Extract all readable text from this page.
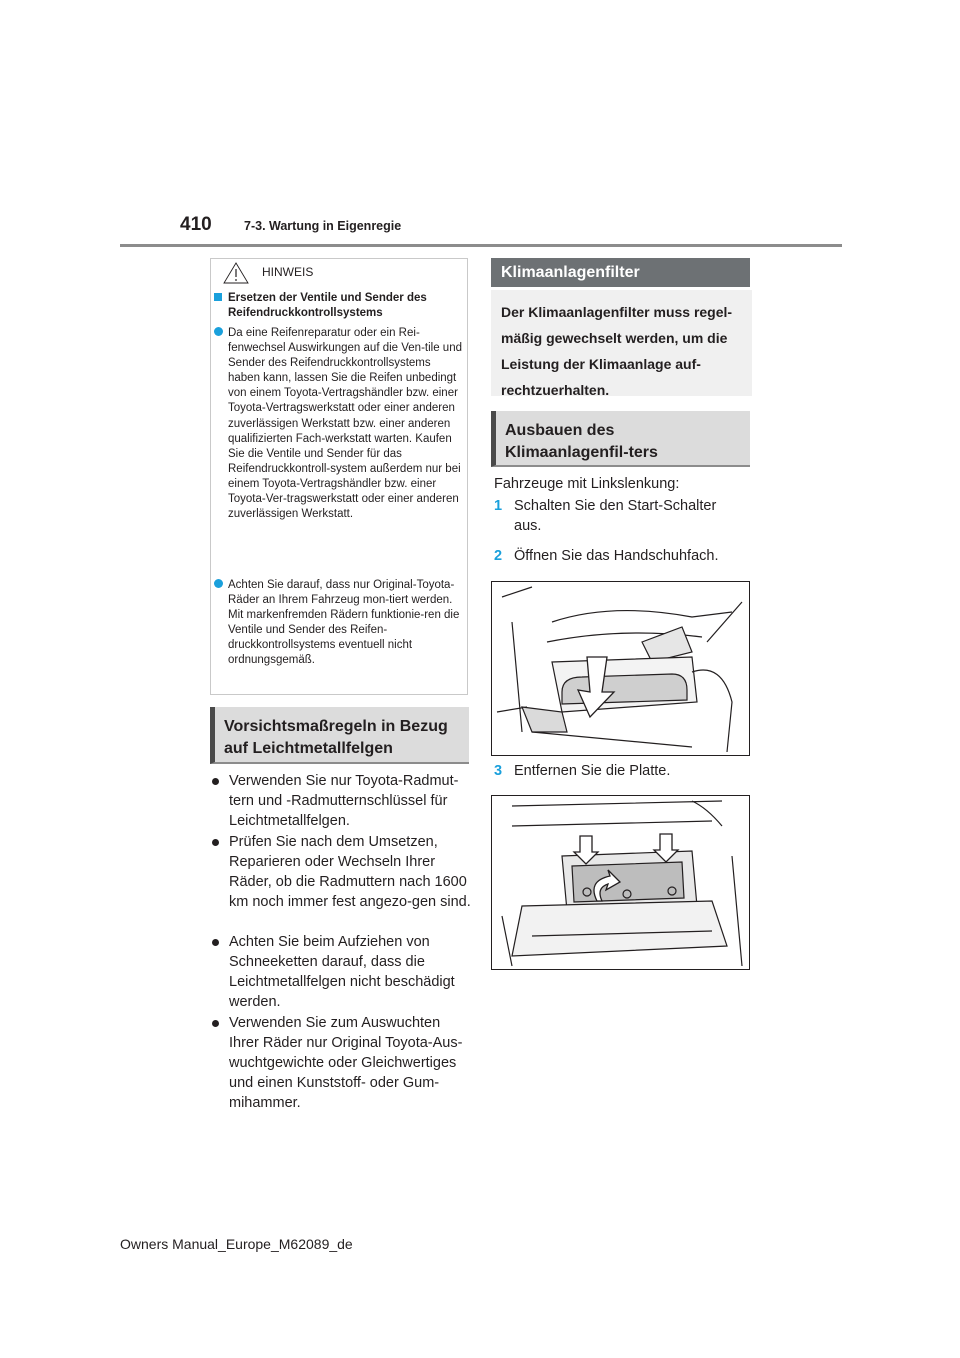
410	7-3. Wartung in Eigenregie
HINWEIS
Ersetzen der Ventile und Sender des Reifendruckkontrollsystems
Da eine Reifenreparatur oder ein Rei-fenwechsel Auswirkungen auf die Ven-tile und Sender des Reifendruckkontrollsystems haben kann, lassen Sie die Reifen unbedingt von einem Toyota-Vertragshändler bzw. einer Toyota-Vertragswerkstatt oder einer anderen zuverlässigen Werkstatt bzw. einer anderen qualifizierten Fach-werkstatt warten. Kaufen Sie die Ventile und Sender für das Reifendruckkontroll-system außerdem nur bei einem Toyota-Vertragshändler bzw. einer Toyota-Ver-tragswerkstatt oder einer anderen zuverlässigen Werkstatt.
Achten Sie darauf, dass nur Original-Toyota-Räder an Ihrem Fahrzeug mon-tiert werden. Mit markenfremden Rädern funktionie-ren die Ventile und Sender des Reifen-druckkontrollsystems eventuell nicht ordnungsgemäß.
Vorsichtsmaßregeln in Bezug auf Leichtmetallfelgen
Verwenden Sie nur Toyota-Radmut-tern und -Radmutternschlüssel für Leichtmetallfelgen.
Prüfen Sie nach dem Umsetzen, Reparieren oder Wechseln Ihrer Räder, ob die Radmuttern nach 1600 km noch immer fest angezo-gen sind.
Achten Sie beim Aufziehen von Schneeketten darauf, dass die Leichtmetallfelgen nicht beschädigt werden.
Verwenden Sie zum Auswuchten Ihrer Räder nur Original Toyota-Aus-wuchtgewichte oder Gleichwertiges und einen Kunststoff- oder Gum-mihammer.
Klimaanlagenfilter
Der Klimaanlagenfilter muss regel-mäßig gewechselt werden, um die Leistung der Klimaanlage auf-rechtzuerhalten.
Ausbauen des Klimaanlagenfil-ters
Fahrzeuge mit Linkslenkung:
1 Schalten Sie den Start-Schalter aus.
2 Öffnen Sie das Handschuhfach.
3 Entfernen Sie die Platte.
Owners Manual_Europe_M62089_de
